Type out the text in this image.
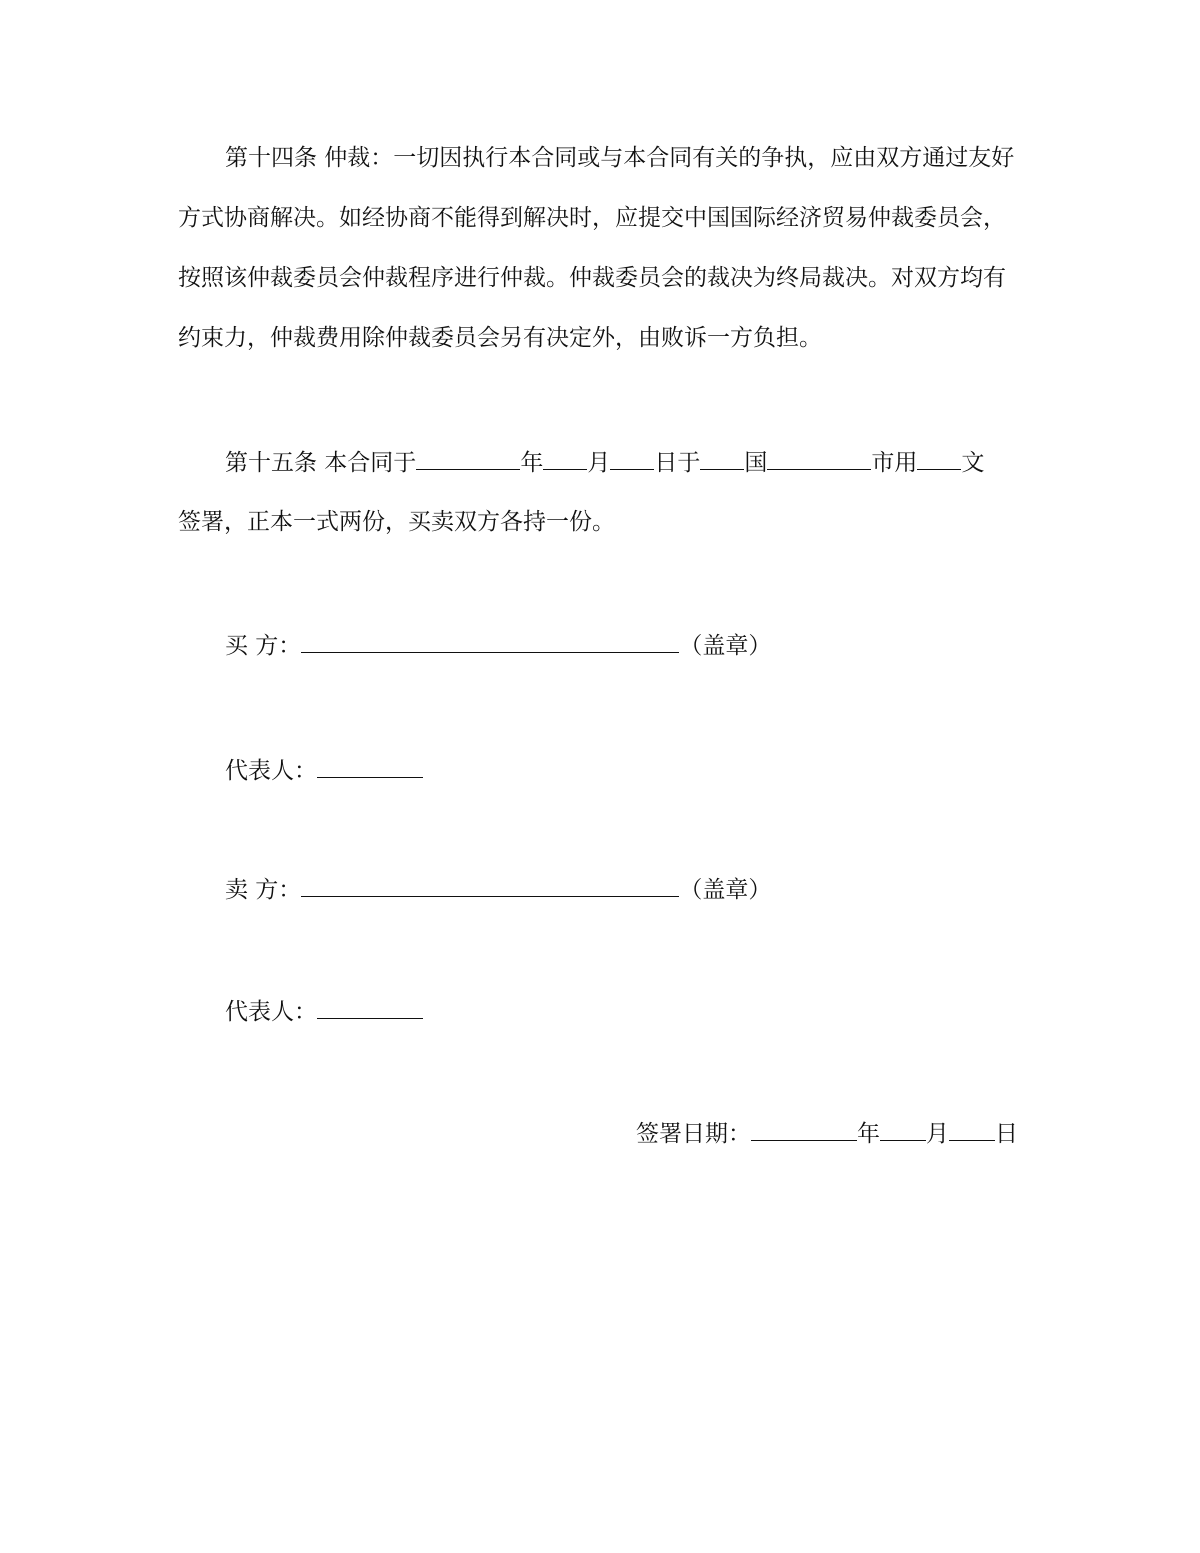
第十四条 仲裁：一切因执行本合同或与本合同有关的争执，应由双方通过友好
方式协商解决。如经协商不能得到解决时，应提交中国国际经济贸易仲裁委员会，
按照该仲裁委员会仲裁程序进行仲裁。仲裁委员会的裁决为终局裁决。对双方均有
约束力，仲裁费用除仲裁委员会另有决定外，由败诉一方负担。
第十五条 本合同于	年 月 日于 国	市用 文
签署，正本一式两份，买卖双方各持一份。
买 方：	（盖章）
代表人：
卖 方：	（盖章）
代表人：
签署日期：	年 月 日
